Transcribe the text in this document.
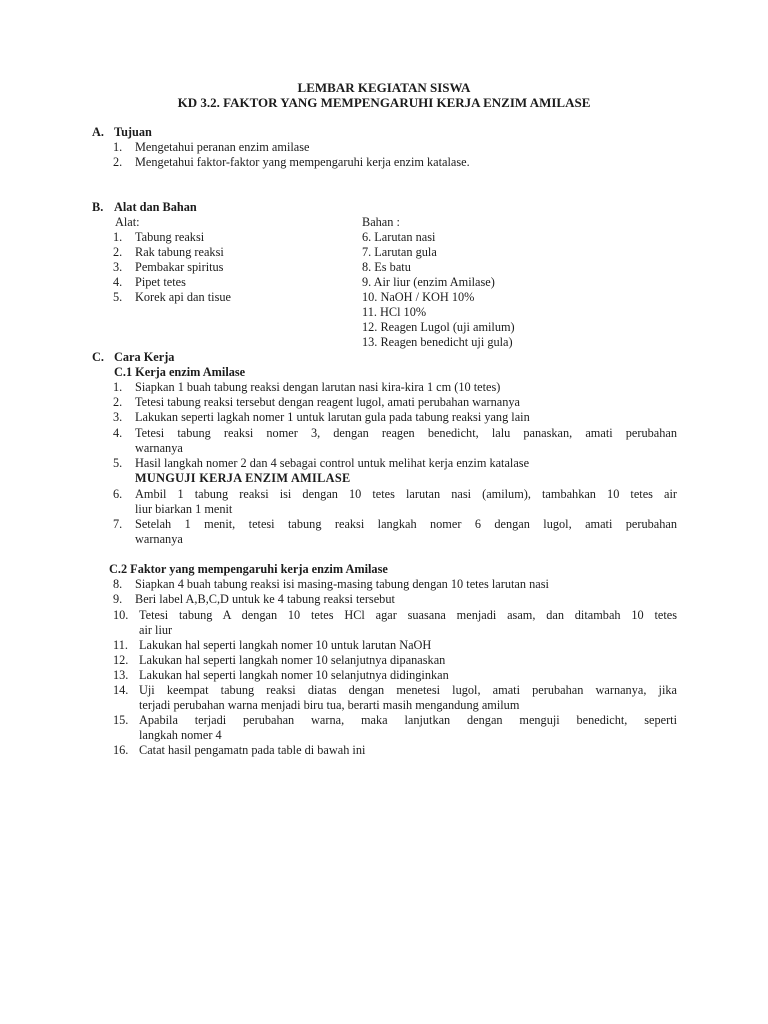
LEMBAR KEGIATAN SISWA
KD 3.2. FAKTOR YANG MEMPENGARUHI KERJA ENZIM AMILASE
A. Tujuan
1. Mengetahui peranan enzim amilase
2. Mengetahui faktor-faktor yang mempengaruhi kerja enzim katalase.
B. Alat dan Bahan
Alat:	Bahan :
1. Tabung reaksi
2. Rak tabung reaksi
3. Pembakar spiritus
4. Pipet tetes
5. Korek api dan tisue
6. Larutan nasi
7. Larutan gula
8. Es batu
9. Air liur (enzim Amilase)
10. NaOH / KOH 10%
11. HCl 10%
12. Reagen Lugol (uji amilum)
13. Reagen benedicht uji gula)
C. Cara Kerja
C.1 Kerja enzim Amilase
1. Siapkan 1 buah tabung reaksi dengan larutan nasi kira-kira 1 cm (10 tetes)
2. Tetesi tabung reaksi tersebut dengan reagent lugol, amati perubahan warnanya
3. Lakukan seperti lagkah nomer 1 untuk larutan gula pada tabung reaksi yang lain
4. Tetesi tabung reaksi nomer 3, dengan reagen benedicht, lalu panaskan, amati perubahan
warnanya
5. Hasil langkah nomer 2 dan 4 sebagai control untuk melihat kerja enzim katalase
MUNGUJI KERJA ENZIM AMILASE
6. Ambil 1 tabung reaksi isi dengan 10 tetes larutan nasi (amilum), tambahkan 10 tetes air
liur biarkan 1 menit
7. Setelah 1 menit, tetesi tabung reaksi langkah nomer 6 dengan lugol, amati perubahan
warnanya
C.2 Faktor yang mempengaruhi kerja enzim Amilase
8. Siapkan 4 buah tabung reaksi isi masing-masing tabung dengan 10 tetes larutan nasi
9. Beri label A,B,C,D untuk ke 4 tabung reaksi tersebut
10. Tetesi tabung A dengan 10 tetes HCl agar suasana menjadi asam, dan ditambah 10 tetes
air liur
11. Lakukan hal seperti langkah nomer 10 untuk larutan NaOH
12. Lakukan hal seperti langkah nomer 10 selanjutnya dipanaskan
13. Lakukan hal seperti langkah nomer 10 selanjutnya didinginkan
14. Uji keempat tabung reaksi diatas dengan menetesi lugol, amati perubahan warnanya, jika
terjadi perubahan warna menjadi biru tua, berarti masih mengandung amilum
15. Apabila terjadi perubahan warna, maka lanjutkan dengan menguji benedicht, seperti
langkah nomer 4
16. Catat hasil pengamatn pada table di bawah ini
